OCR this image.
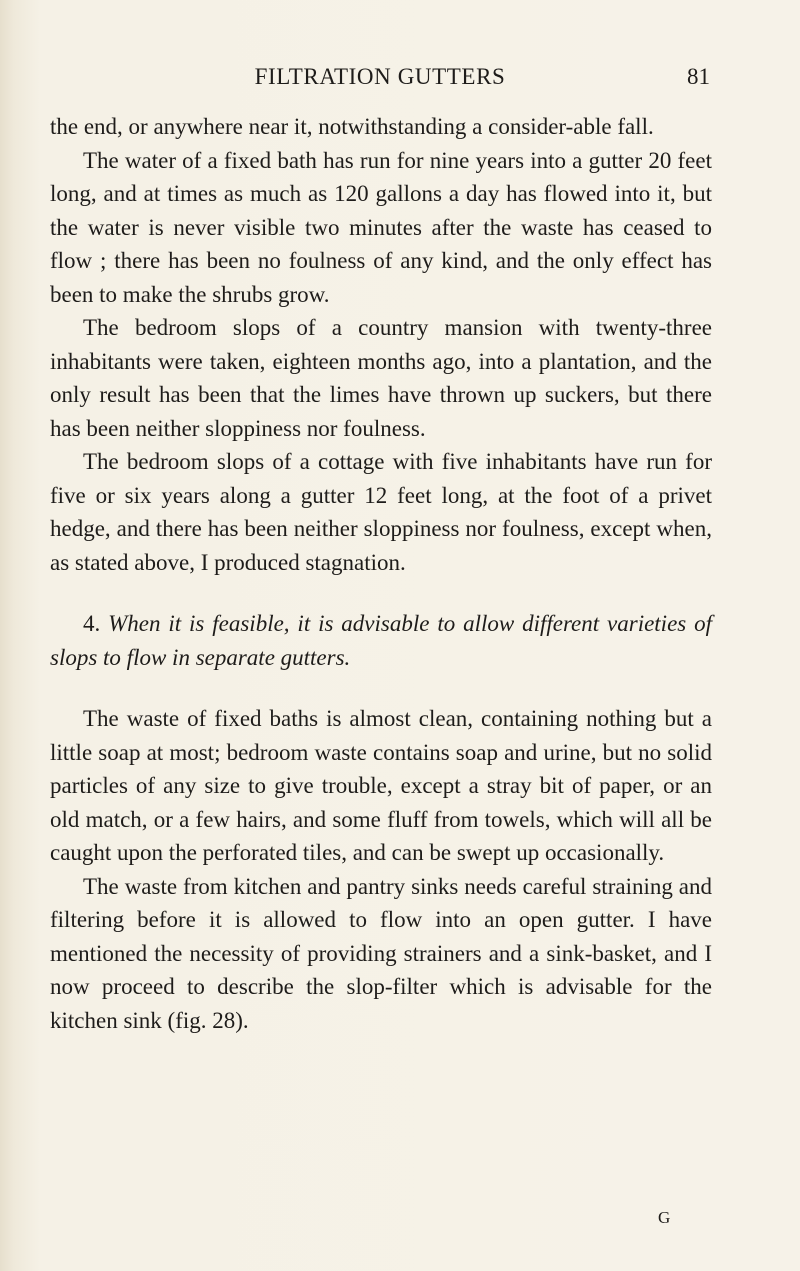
FILTRATION GUTTERS	81

the end, or anywhere near it, notwithstanding a consider-able fall.

The water of a fixed bath has run for nine years into a gutter 20 feet long, and at times as much as 120 gallons a day has flowed into it, but the water is never visible two minutes after the waste has ceased to flow ; there has been no foulness of any kind, and the only effect has been to make the shrubs grow.

The bedroom slops of a country mansion with twenty-three inhabitants were taken, eighteen months ago, into a plantation, and the only result has been that the limes have thrown up suckers, but there has been neither sloppiness nor foulness.

The bedroom slops of a cottage with five inhabitants have run for five or six years along a gutter 12 feet long, at the foot of a privet hedge, and there has been neither sloppiness nor foulness, except when, as stated above, I produced stagnation.

4. When it is feasible, it is advisable to allow different varieties of slops to flow in separate gutters.

The waste of fixed baths is almost clean, containing nothing but a little soap at most; bedroom waste contains soap and urine, but no solid particles of any size to give trouble, except a stray bit of paper, or an old match, or a few hairs, and some fluff from towels, which will all be caught upon the perforated tiles, and can be swept up occasionally.

The waste from kitchen and pantry sinks needs careful straining and filtering before it is allowed to flow into an open gutter. I have mentioned the necessity of providing strainers and a sink-basket, and I now proceed to describe the slop-filter which is advisable for the kitchen sink (fig. 28).

G
